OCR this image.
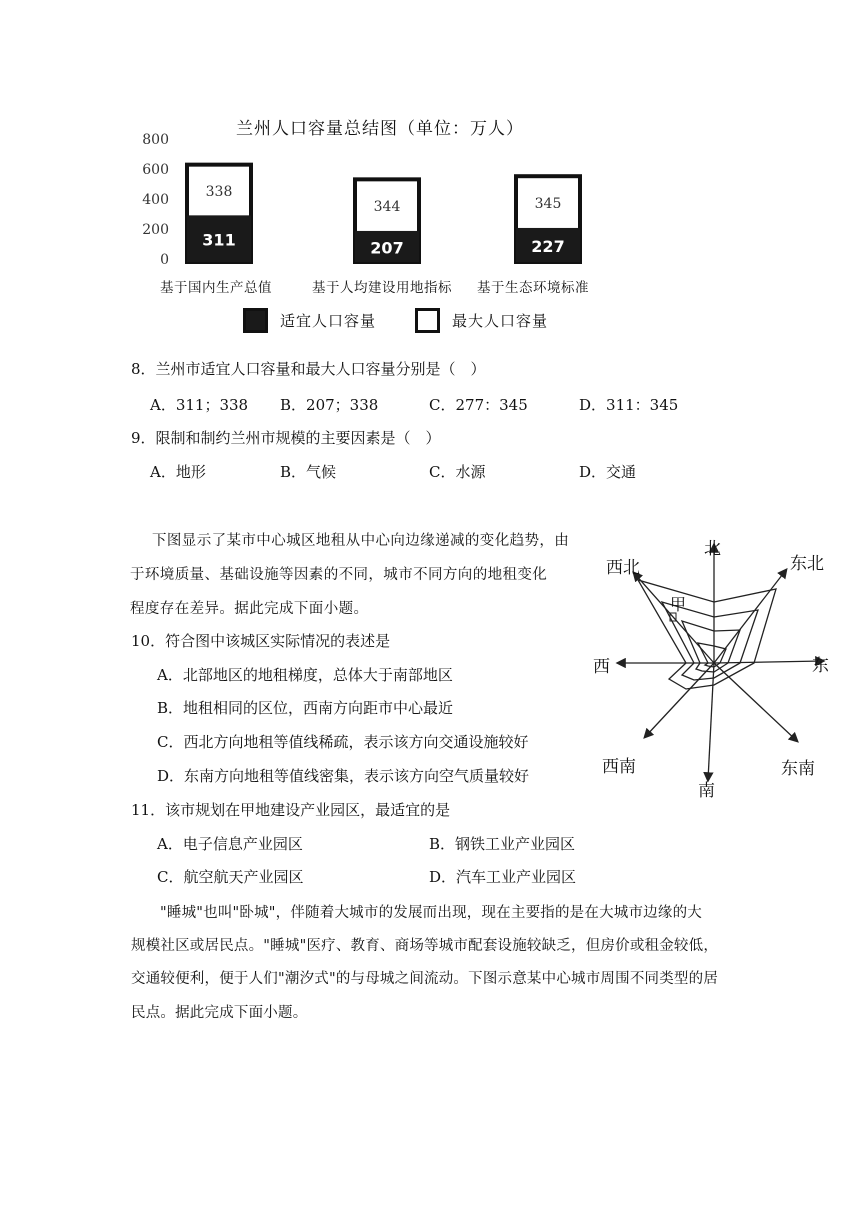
兰州人口容量总结图（单位：万人）
800
600
400
200
0
338
311
344
207
345
227
基于国内生产总值	基于人均建设用地指标 基于生态环境标准
适宜人口容量	最大人口容量
8．兰州市适宜人口容量和最大人口容量分别是（　）
A．311；338 B．207；338	C．277：345	D．311：345
9．限制和制约兰州市规模的主要因素是（　）
A．地形	B．气候	C．水源	D．交通
下图显示了某市中心城区地租从中心向边缘递减的变化趋势，由
于环境质量、基础设施等因素的不同，城市不同方向的地租变化
程度存在差异。据此完成下面小题。
北
东北
东
东南
南
西南
西
西北
甲
10．符合图中该城区实际情况的表述是
A．北部地区的地租梯度，总体大于南部地区
B．地租相同的区位，西南方向距市中心最近
C．西北方向地租等值线稀疏，表示该方向交通设施较好
D．东南方向地租等值线密集，表示该方向空气质量较好
11．该市规划在甲地建设产业园区，最适宜的是
A．电子信息产业园区	B．钢铁工业产业园区
C．航空航天产业园区	D．汽车工业产业园区
"睡城"也叫"卧城"，伴随着大城市的发展而出现，现在主要指的是在大城市边缘的大
规模社区或居民点。"睡城"医疗、教育、商场等城市配套设施较缺乏，但房价或租金较低，
交通较便利，便于人们"潮汐式"的与母城之间流动。下图示意某中心城市周围不同类型的居
民点。据此完成下面小题。
